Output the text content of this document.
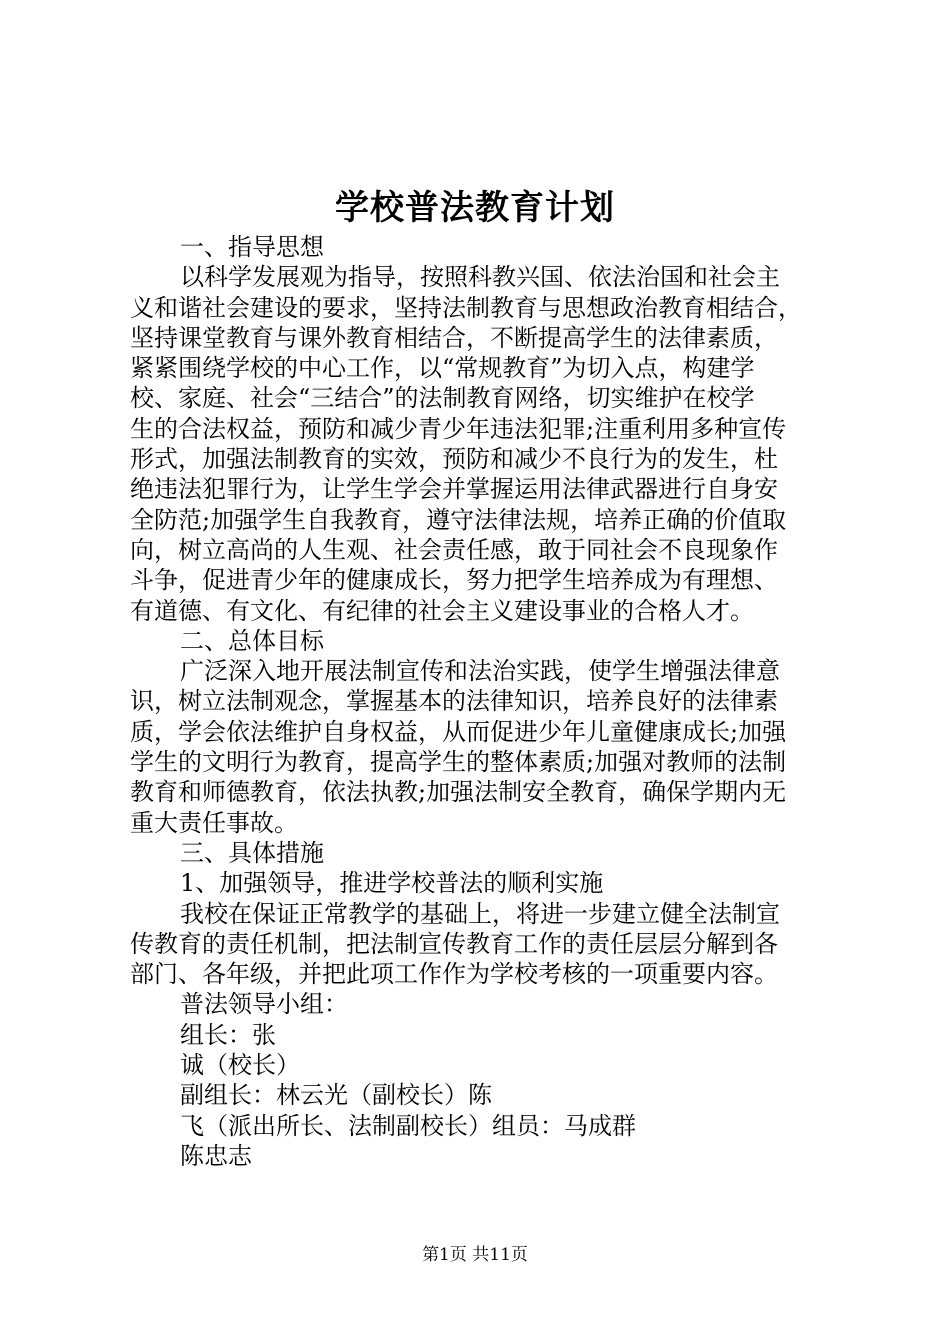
学校普法教育计划
一、指导思想
以科学发展观为指导，按照科教兴国、依法治国和社会主
义和谐社会建设的要求，坚持法制教育与思想政治教育相结合，
坚持课堂教育与课外教育相结合，不断提高学生的法律素质，
紧紧围绕学校的中心工作，以“常规教育”为切入点，构建学
校、家庭、社会“三结合”的法制教育网络，切实维护在校学
生的合法权益，预防和减少青少年违法犯罪;注重利用多种宣传
形式，加强法制教育的实效，预防和减少不良行为的发生，杜
绝违法犯罪行为，让学生学会并掌握运用法律武器进行自身安
全防范;加强学生自我教育，遵守法律法规，培养正确的价值取
向，树立高尚的人生观、社会责任感，敢于同社会不良现象作
斗争，促进青少年的健康成长，努力把学生培养成为有理想、
有道德、有文化、有纪律的社会主义建设事业的合格人才。
二、总体目标
广泛深入地开展法制宣传和法治实践，使学生增强法律意
识，树立法制观念，掌握基本的法律知识，培养良好的法律素
质，学会依法维护自身权益，从而促进少年儿童健康成长;加强
学生的文明行为教育，提高学生的整体素质;加强对教师的法制
教育和师德教育，依法执教;加强法制安全教育，确保学期内无
重大责任事故。
三、具体措施
1、加强领导，推进学校普法的顺利实施
我校在保证正常教学的基础上，将进一步建立健全法制宣
传教育的责任机制，把法制宣传教育工作的责任层层分解到各
部门、各年级，并把此项工作作为学校考核的一项重要内容。
普法领导小组：
组长：张
诚（校长）
副组长：林云光（副校长）陈
飞（派出所长、法制副校长）组员：马成群
陈忠志
第1页 共11页
